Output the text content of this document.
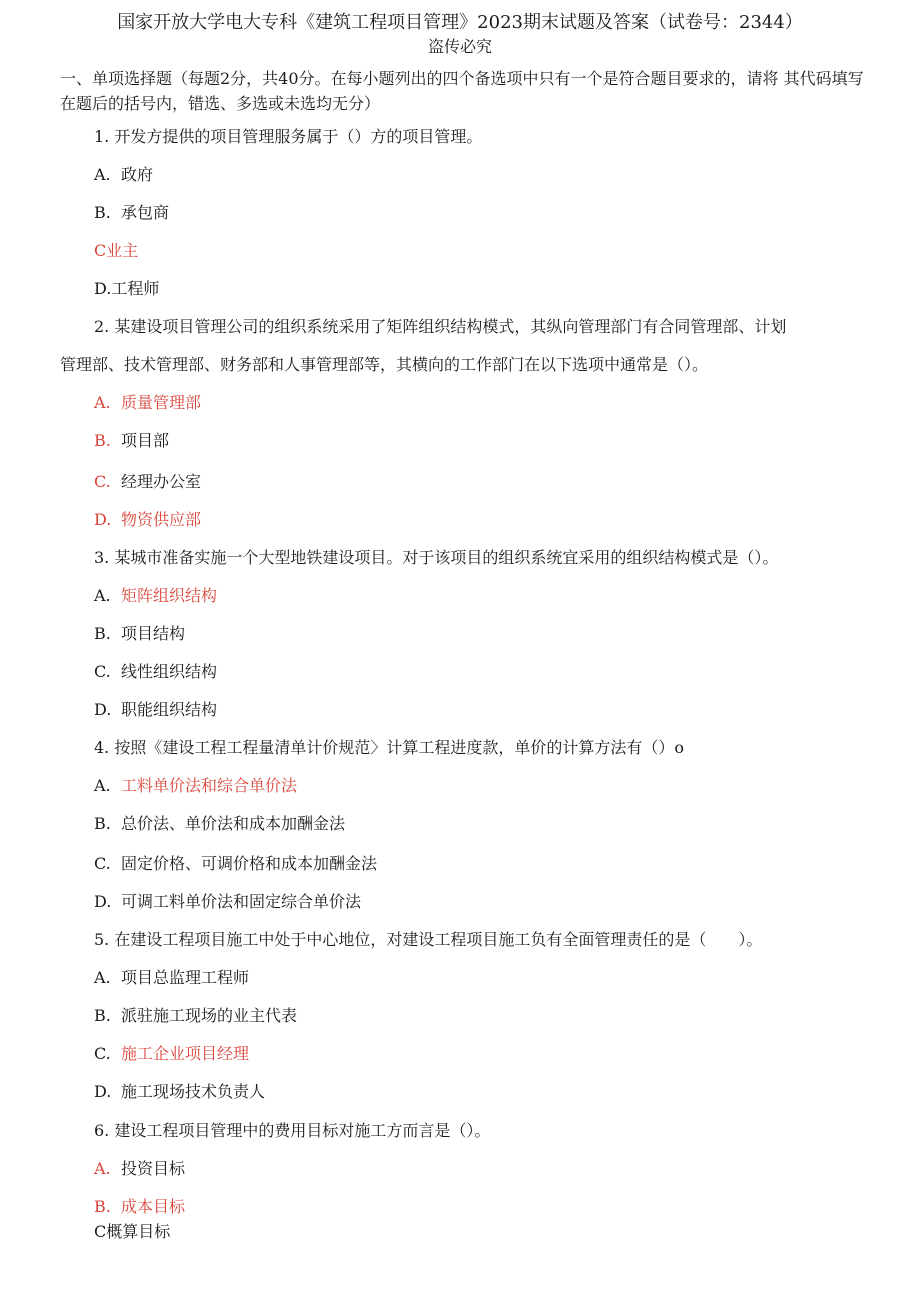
国家开放大学电大专科《建筑工程项目管理》2023期末试题及答案（试卷号：2344）
盗传必究
一、单项选择题（每题2分，共40分。在每小题列出的四个备选项中只有一个是符合题目要求的，请将 其代码填写在题后的括号内，错选、多选或未选均无分）
1. 开发方提供的项目管理服务属于（）方的项目管理。
A. 政府
B. 承包商
C业主
D.工程师
2. 某建设项目管理公司的组织系统采用了矩阵组织结构模式，其纵向管理部门有合同管理部、计划
管理部、技术管理部、财务部和人事管理部等，其横向的工作部门在以下选项中通常是（）。
A. 质量管理部
B. 项目部
C. 经理办公室
D. 物资供应部
3. 某城市准备实施一个大型地铁建设项目。对于该项目的组织系统宜采用的组织结构模式是（）。
A. 矩阵组织结构
B. 项目结构
C. 线性组织结构
D. 职能组织结构
4. 按照《建设工程工程量清单计价规范〉计算工程进度款，单价的计算方法有（）o
A. 工料单价法和综合单价法
B. 总价法、单价法和成本加酬金法
C. 固定价格、可调价格和成本加酬金法
D. 可调工料单价法和固定综合单价法
5. 在建设工程项目施工中处于中心地位，对建设工程项目施工负有全面管理责任的是（　　）。
A. 项目总监理工程师
B. 派驻施工现场的业主代表
C. 施工企业项目经理
D. 施工现场技术负责人
6. 建设工程项目管理中的费用目标对施工方而言是（）。
A. 投资目标
B. 成本目标
C概算目标
